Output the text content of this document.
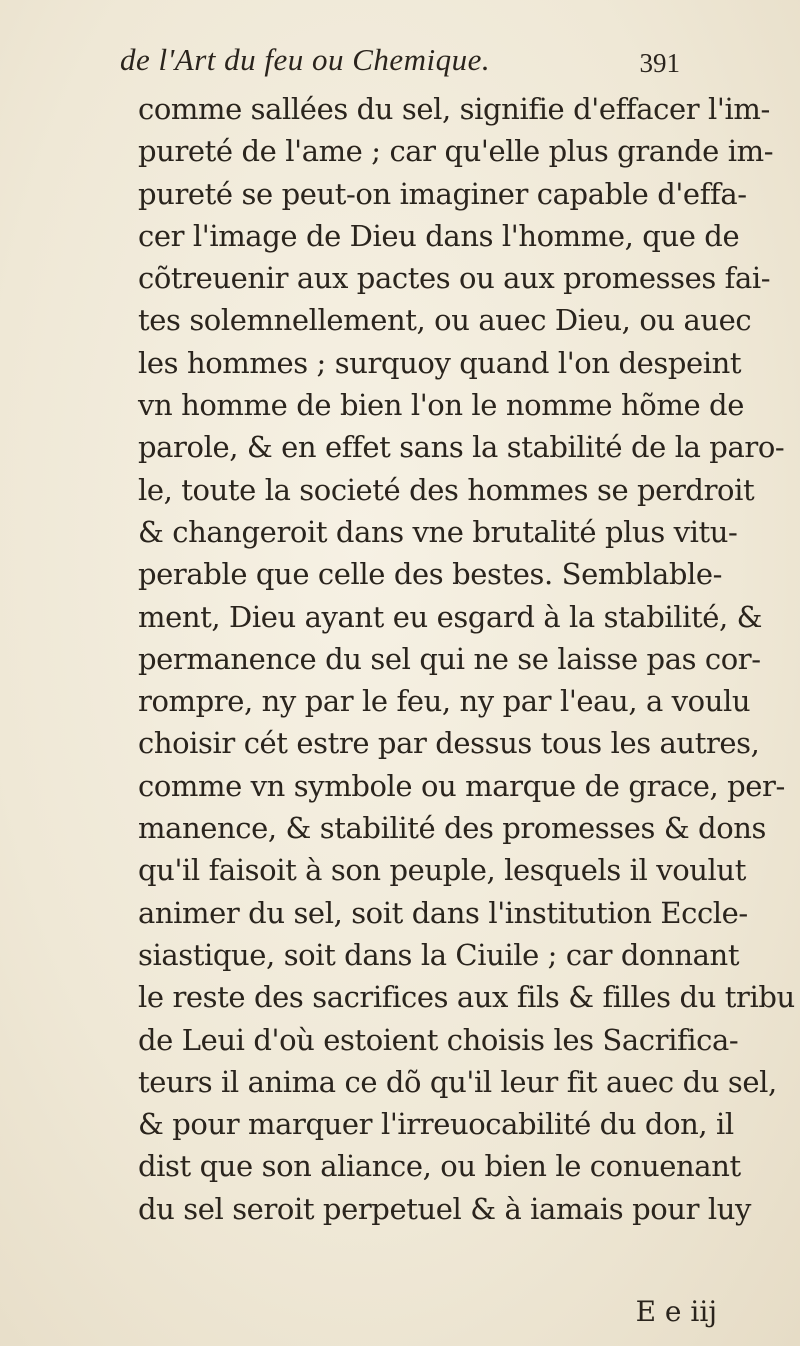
de l'Art du feu ou Chemique.	391
comme sallées du sel, signifie d'effacer l'im-
pureté de l'ame ; car qu'elle plus grande im-
pureté se peut-on imaginer capable d'effa-
cer l'image de Dieu dans l'homme, que de
cõtreuenir aux pactes ou aux promesses fai-
tes solemnellement, ou auec Dieu, ou auec
les hommes ; surquoy quand l'on despeint
vn homme de bien l'on le nomme hõme de
parole, & en effet sans la stabilité de la paro-
le, toute la societé des hommes se perdroit
& changeroit dans vne brutalité plus vitu-
perable que celle des bestes. Semblable-
ment, Dieu ayant eu esgard à la stabilité, &
permanence du sel qui ne se laisse pas cor-
rompre, ny par le feu, ny par l'eau, a voulu
choisir cét estre par dessus tous les autres,
comme vn symbole ou marque de grace, per-
manence, & stabilité des promesses & dons
qu'il faisoit à son peuple, lesquels il voulut
animer du sel, soit dans l'institution Eccle-
siastique, soit dans la Ciuile ; car donnant
le reste des sacrifices aux fils & filles du tribu
de Leui d'où estoient choisis les Sacrifica-
teurs il anima ce dõ qu'il leur fit auec du sel,
& pour marquer l'irreuocabilité du don, il
dist que son aliance, ou bien le conuenant
du sel seroit perpetuel & à iamais pour luy
E e iij
